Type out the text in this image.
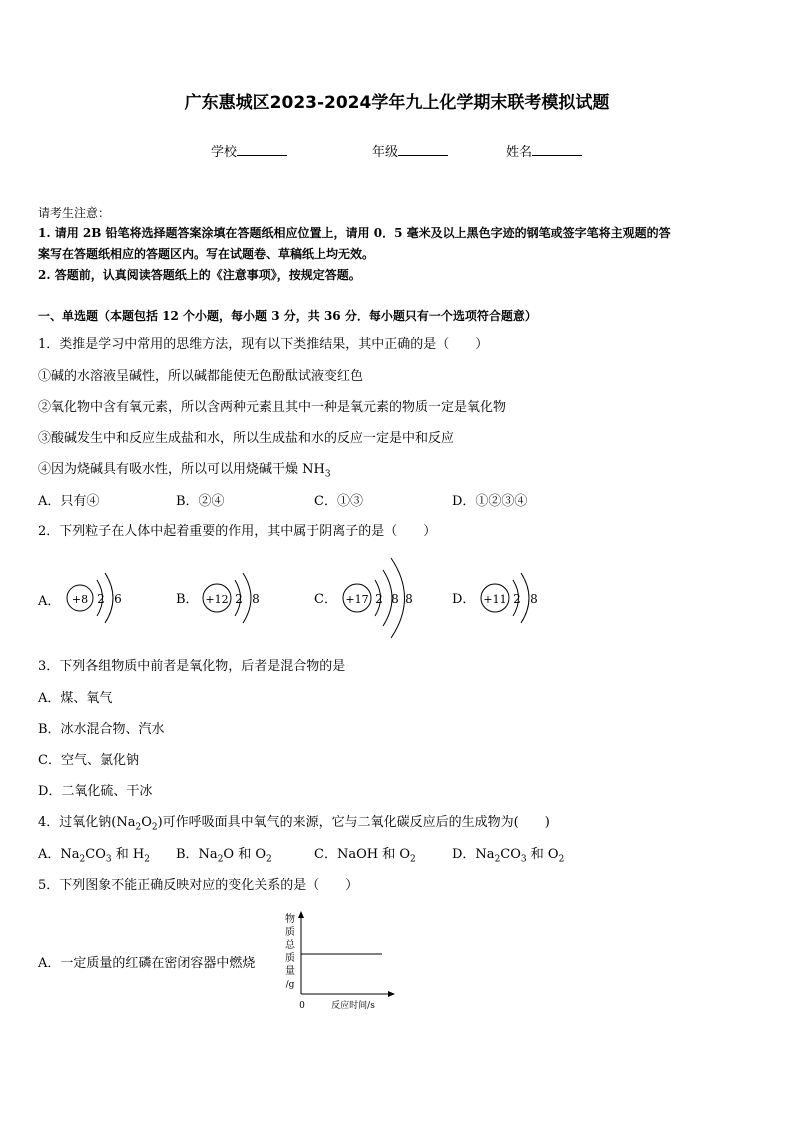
广东惠城区2023-2024学年九上化学期末联考模拟试题
学校	年级	姓名
请考生注意：
1. 请用 2B 铅笔将选择题答案涂填在答题纸相应位置上，请用 0．5 毫米及以上黑色字迹的钢笔或签字笔将主观题的答
案写在答题纸相应的答题区内。写在试题卷、草稿纸上均无效。
2. 答题前，认真阅读答题纸上的《注意事项》，按规定答题。
一、单选题（本题包括 12 个小题，每小题 3 分，共 36 分．每小题只有一个选项符合题意）
1．类推是学习中常用的思维方法，现有以下类推结果，其中正确的是（　　）
①碱的水溶液呈碱性，所以碱都能使无色酚酞试液变红色
②氧化物中含有氧元素，所以含两种元素且其中一种是氧元素的物质一定是氧化物
③酸碱发生中和反应生成盐和水，所以生成盐和水的反应一定是中和反应
④因为烧碱具有吸水性，所以可以用烧碱干燥 $NH_3$
A．只有④	B．②④	C．①③	D．①②③④
2．下列粒子在人体中起着重要的作用，其中属于阴离子的是（　　）
A． +8 2 6	B． +12 2 8	C． +17 2 8 8	D． +11 2 8
3．下列各组物质中前者是氧化物，后者是混合物的是
A．煤、氧气
B．冰水混合物、汽水
C．空气、氯化钠
D．二氧化硫、干冰
4．过氧化钠$(Na_2O_2)$可作呼吸面具中氧气的来源，它与二氧化碳反应后的生成物为(　　)
A．$Na_2CO_3$ 和 $H_2$ B．$Na_2O$ 和 $O_2$	C．NaOH 和 $O_2$	D．$Na_2CO_3$ 和 $O_2$
5．下列图象不能正确反映对应的变化关系的是（　　）
A．一定质量的红磷在密闭容器中燃烧
物
质
总
质
量
/g
0	反应时间/s
